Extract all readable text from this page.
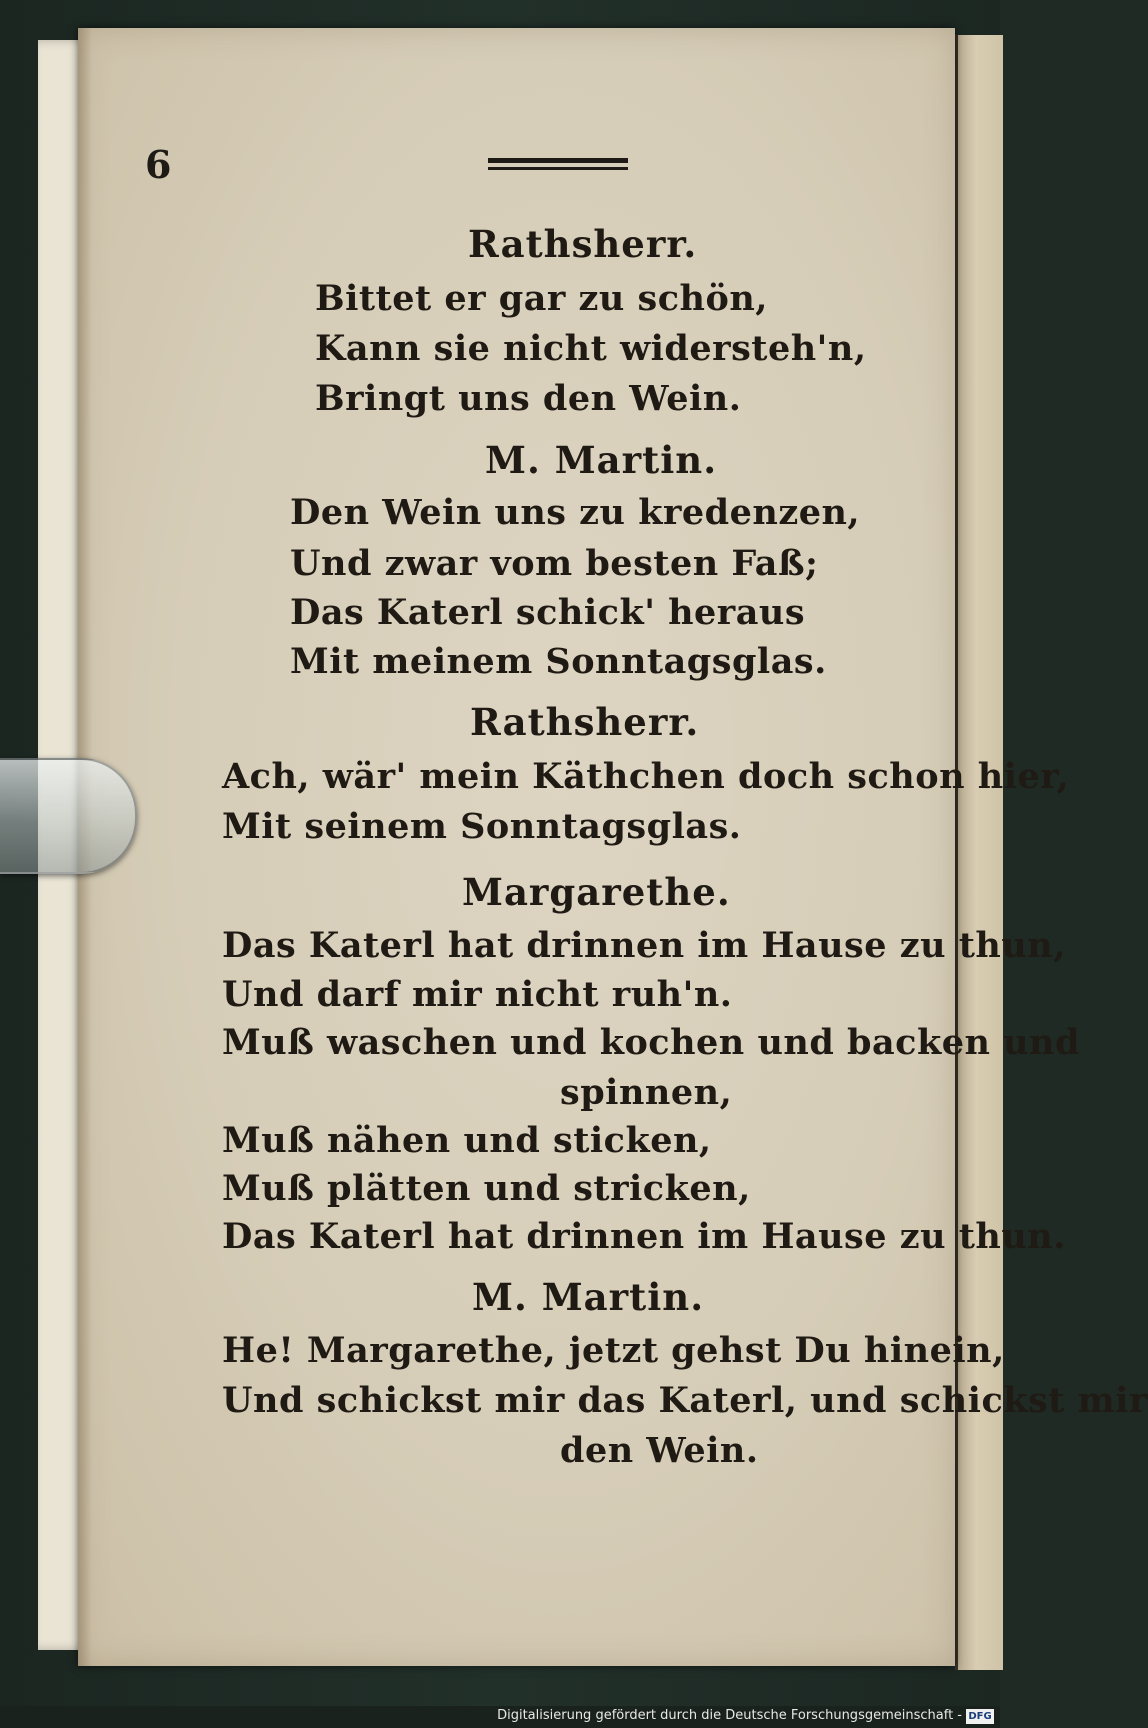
6
Rathsherr.
Bittet er gar zu schön,
Kann sie nicht widersteh'n,
Bringt uns den Wein.
M. Martin.
Den Wein uns zu kredenzen,
Und zwar vom besten Faß;
Das Katerl schick' heraus
Mit meinem Sonntagsglas.
Rathsherr.
Ach, wär' mein Käthchen doch schon hier,
Mit seinem Sonntagsglas.
Margarethe.
Das Katerl hat drinnen im Hause zu thun,
Und darf mir nicht ruh'n.
Muß waschen und kochen und backen und
spinnen,
Muß nähen und sticken,
Muß plätten und stricken,
Das Katerl hat drinnen im Hause zu thun.
M. Martin.
He! Margarethe, jetzt gehst Du hinein,
Und schickst mir das Katerl, und schickst mir
den Wein.
Digitalisierung gefördert durch die Deutsche Forschungsgemeinschaft - DFG
